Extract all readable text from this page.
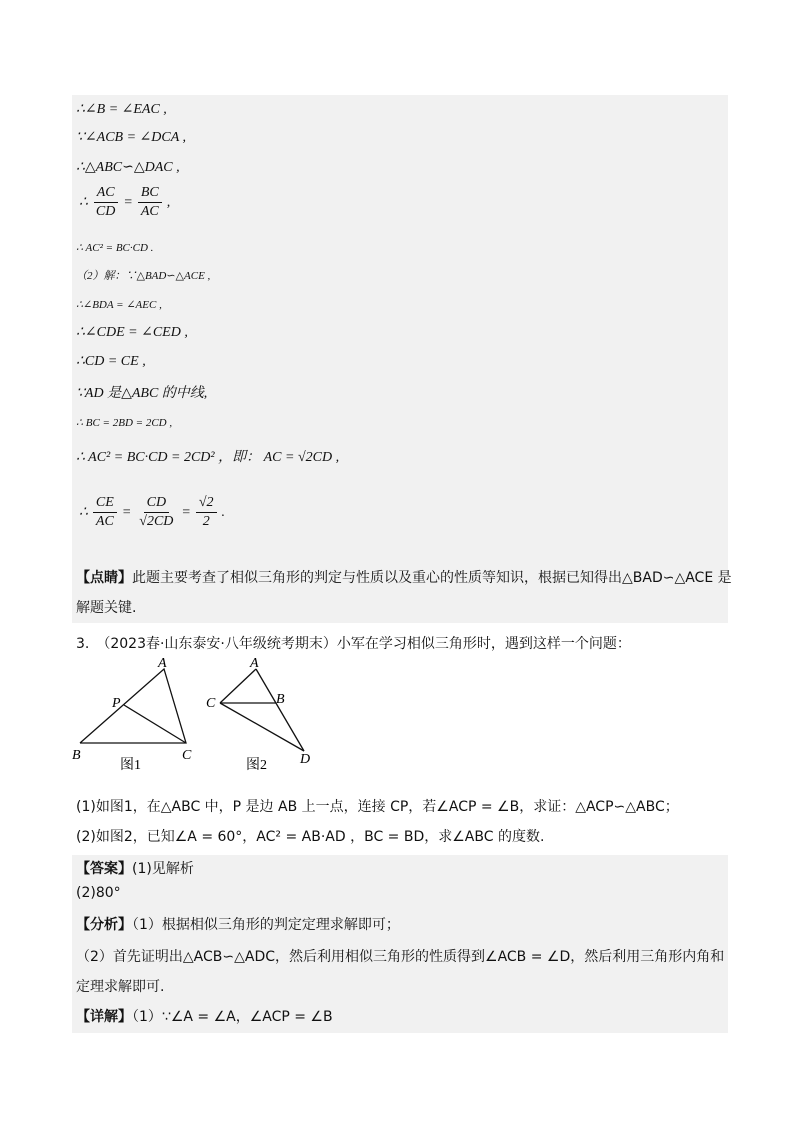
∴∠B = ∠EAC ,
∵∠ACB = ∠DCA ,
∴△ABC∽△DAC ,
∴ $\frac{AC}{CD} = \frac{BC}{AC}$ ,
∴ AC² = BC·CD .
（2）解：∵△BAD∽△ACE ,
∴∠BDA = ∠AEC ,
∴∠CDE = ∠CED ,
∴CD = CE ,
∵AD 是△ABC 的中线,
∴ BC = 2BD = 2CD ,
∴ AC² = BC·CD = 2CD² ，即： AC = √2CD ,
∴ $\frac{CE}{AC} = \frac{CD}{√2CD} = \frac{√2}{2}$ .
【点睛】此题主要考查了相似三角形的判定与性质以及重心的性质等知识，根据已知得出△BAD∽△ACE 是
解题关键.
3.　（2023春·山东泰安·八年级统考期末）小军在学习相似三角形时，遇到这样一个问题：
A
P
B	C
图1
A
B
C
D
图2
(1)如图1，在△ABC 中，P 是边 AB 上一点，连接 CP，若∠ACP = ∠B，求证：△ACP∽△ABC；
(2)如图2，已知∠A = 60°，AC² = AB·AD ，BC = BD，求∠ABC 的度数.
【答案】(1)见解析
(2)80°
【分析】（1）根据相似三角形的判定定理求解即可；
（2）首先证明出△ACB∽△ADC，然后利用相似三角形的性质得到∠ACB = ∠D，然后利用三角形内角和
定理求解即可.
【详解】（1）∵∠A = ∠A，∠ACP = ∠B
